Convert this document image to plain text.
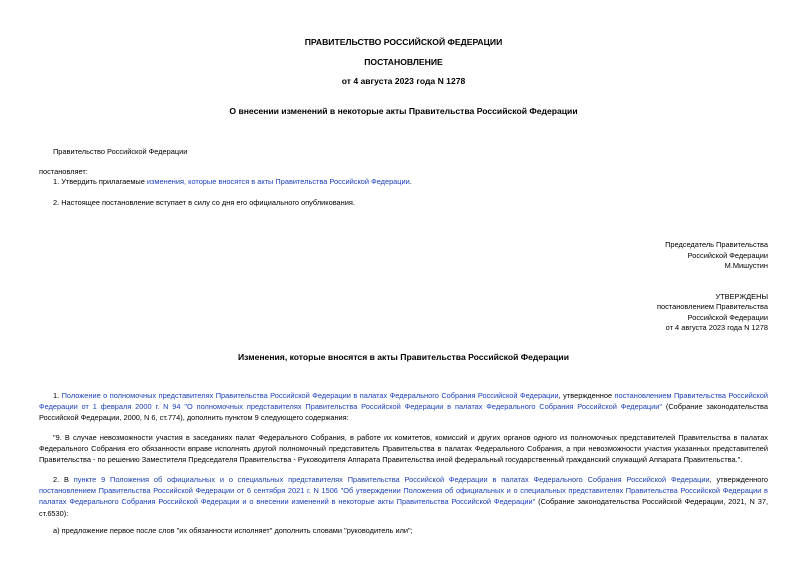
ПРАВИТЕЛЬСТВО РОССИЙСКОЙ ФЕДЕРАЦИИ
ПОСТАНОВЛЕНИЕ
от 4 августа 2023 года N 1278
О внесении изменений в некоторые акты Правительства Российской Федерации
Правительство Российской Федерации
постановляет:
1. Утвердить прилагаемые изменения, которые вносятся в акты Правительства Российской Федерации.
2. Настоящее постановление вступает в силу со дня его официального опубликования.
Председатель Правительства
Российской Федерации
М.Мишустин
УТВЕРЖДЕНЫ
постановлением Правительства
Российской Федерации
от 4 августа 2023 года N 1278
Изменения, которые вносятся в акты Правительства Российской Федерации

1. Положение о полномочных представителях Правительства Российской Федерации в палатах Федерального Собрания Российской Федерации, утвержденное постановлением Правительства Российской Федерации от 1 февраля 2000 г. N 94 "О полномочных представителях Правительства Российской Федерации в палатах Федерального Собрания Российской Федерации" (Собрание законодательства Российской Федерации, 2000, N 6, ст.774), дополнить пунктом 9 следующего содержания:

"9. В случае невозможности участия в заседаниях палат Федерального Собрания, в работе их комитетов, комиссий и других органов одного из полномочных представителей Правительства в палатах Федерального Собрания его обязанности вправе исполнять другой полномочный представитель Правительства в палатах Федерального Собрания, а при невозможности участия указанных представителей Правительства - по решению Заместителя Председателя Правительства - Руководителя Аппарата Правительства иной федеральный государственный гражданский служащий Аппарата Правительства.".

2. В пункте 9 Положения об официальных и о специальных представителях Правительства Российской Федерации в палатах Федерального Собрания Российской Федерации, утвержденного постановлением Правительства Российской Федерации от 6 сентября 2021 г. N 1506 "Об утверждении Положения об официальных и о специальных представителях Правительства Российской Федерации в палатах Федерального Собрания Российской Федерации и о внесении изменений в некоторые акты Правительства Российской Федерации" (Собрание законодательства Российской Федерации, 2021, N 37, ст.6530):

а) предложение первое после слов "их обязанности исполняет" дополнить словами "руководитель или";
